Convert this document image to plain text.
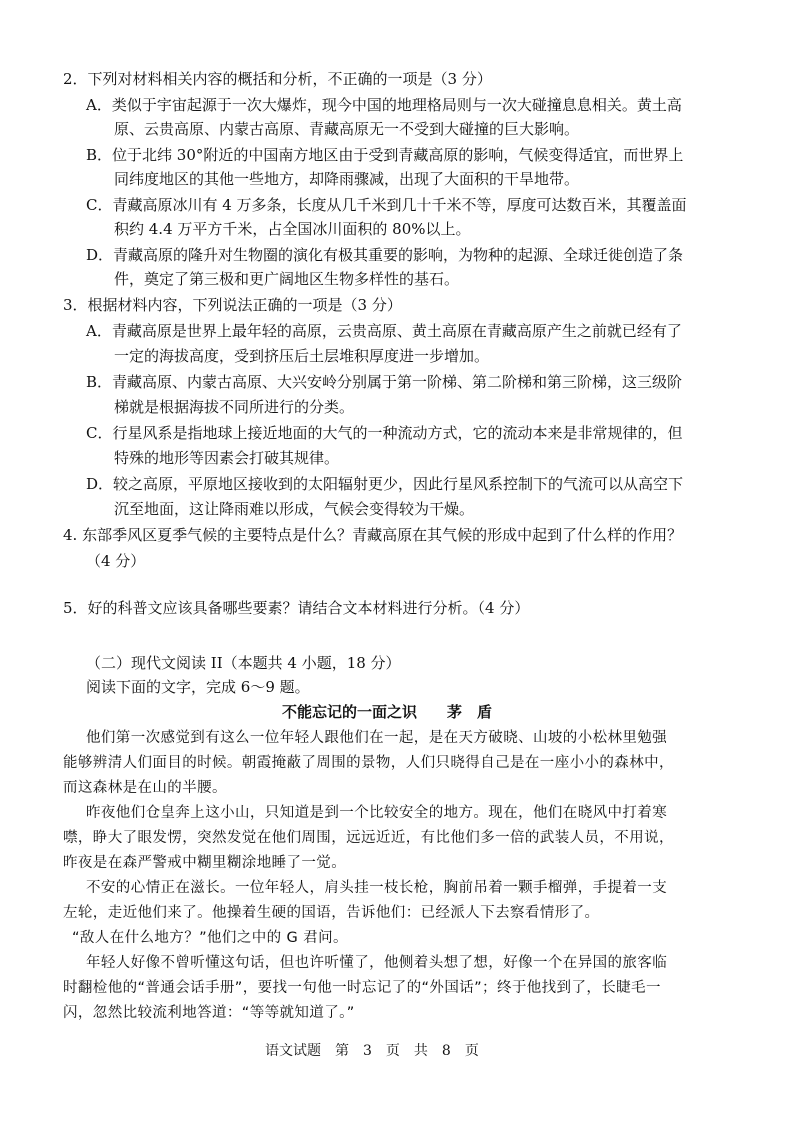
2．下列对材料相关内容的概括和分析，不正确的一项是（3 分）
A．类似于宇宙起源于一次大爆炸，现今中国的地理格局则与一次大碰撞息息相关。黄土高
原、云贵高原、内蒙古高原、青藏高原无一不受到大碰撞的巨大影响。
B．位于北纬 30°附近的中国南方地区由于受到青藏高原的影响，气候变得适宜，而世界上
同纬度地区的其他一些地方，却降雨骤减，出现了大面积的干旱地带。
C．青藏高原冰川有 4 万多条，长度从几千米到几十千米不等，厚度可达数百米，其覆盖面
积约 4.4 万平方千米，占全国冰川面积的 80%以上。
D．青藏高原的隆升对生物圈的演化有极其重要的影响，为物种的起源、全球迁徙创造了条
件，奠定了第三极和更广阔地区生物多样性的基石。
3．根据材料内容，下列说法正确的一项是（3 分）
A．青藏高原是世界上最年轻的高原，云贵高原、黄土高原在青藏高原产生之前就已经有了
一定的海拔高度，受到挤压后土层堆积厚度进一步增加。
B．青藏高原、内蒙古高原、大兴安岭分别属于第一阶梯、第二阶梯和第三阶梯，这三级阶
梯就是根据海拔不同所进行的分类。
C．行星风系是指地球上接近地面的大气的一种流动方式，它的流动本来是非常规律的，但
特殊的地形等因素会打破其规律。
D．较之高原，平原地区接收到的太阳辐射更少，因此行星风系控制下的气流可以从高空下
沉至地面，这让降雨难以形成，气候会变得较为干燥。
4. 东部季风区夏季气候的主要特点是什么？青藏高原在其气候的形成中起到了什么样的作用？
（4 分）
5．好的科普文应该具备哪些要素？请结合文本材料进行分析。（4 分）
（二）现代文阅读 II（本题共 4 小题，18 分）
阅读下面的文字，完成 6～9 题。
不能忘记的一面之识　　茅　盾
他们第一次感觉到有这么一位年轻人跟他们在一起，是在天方破晓、山坡的小松林里勉强
能够辨清人们面目的时候。朝霞掩蔽了周围的景物，人们只晓得自己是在一座小小的森林中，
而这森林是在山的半腰。
昨夜他们仓皇奔上这小山，只知道是到一个比较安全的地方。现在，他们在晓风中打着寒
噤，睁大了眼发愣，突然发觉在他们周围，远远近近，有比他们多一倍的武装人员，不用说，
昨夜是在森严警戒中糊里糊涂地睡了一觉。
不安的心情正在滋长。一位年轻人，肩头挂一枝长枪，胸前吊着一颗手榴弹，手提着一支
左轮，走近他们来了。他操着生硬的国语，告诉他们：已经派人下去察看情形了。
“敌人在什么地方？”他们之中的 G 君问。
年轻人好像不曾听懂这句话，但也许听懂了，他侧着头想了想，好像一个在异国的旅客临
时翻检他的“普通会话手册”，要找一句他一时忘记了的“外国话”；终于他找到了，长睫毛一
闪，忽然比较流利地答道：“等等就知道了。”
语文试题　第　3　页　共　8　页
